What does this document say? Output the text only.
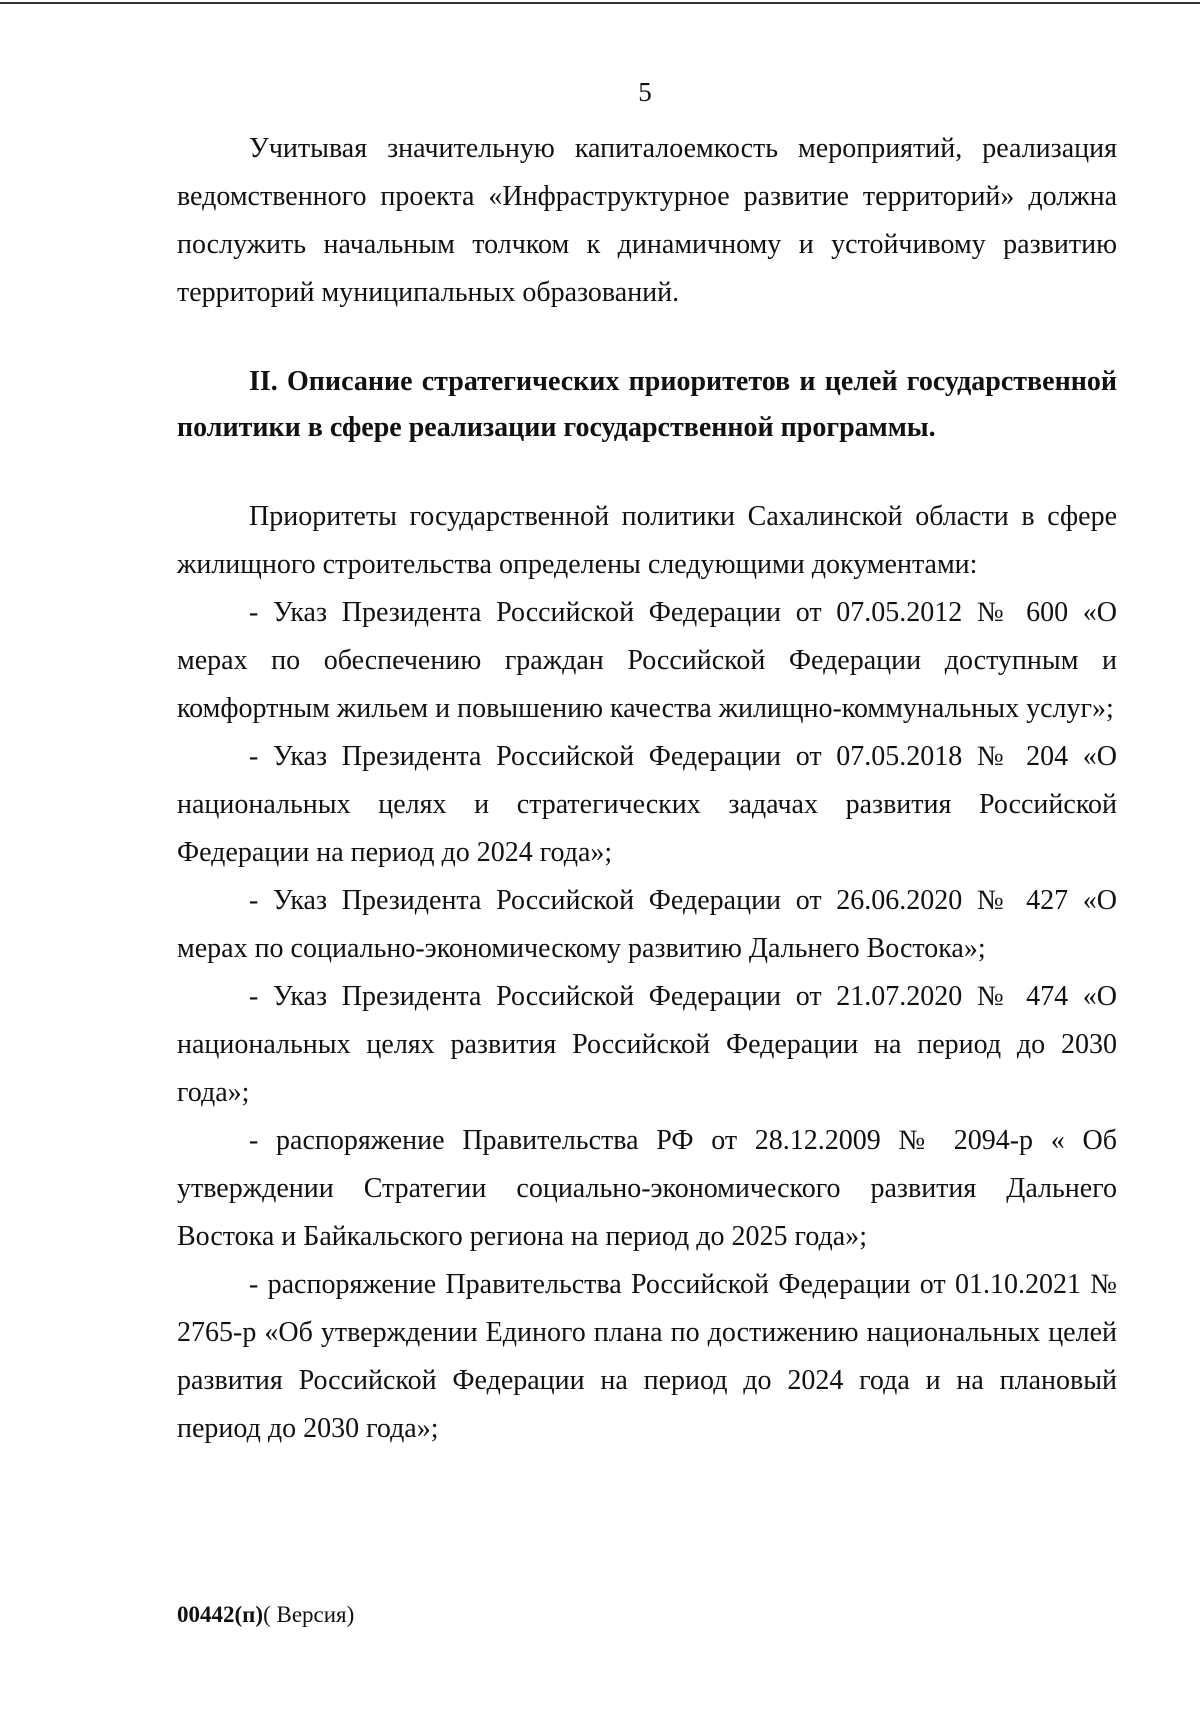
5

Учитывая значительную капиталоемкость мероприятий, реализация ведомственного проекта «Инфраструктурное развитие территорий» должна послужить начальным толчком к динамичному и устойчивому развитию территорий муниципальных образований.

II. Описание стратегических приоритетов и целей государственной политики в сфере реализации государственной программы.

Приоритеты государственной политики Сахалинской области в сфере жилищного строительства определены следующими документами:

- Указ Президента Российской Федерации от 07.05.2012 № 600 «О мерах по обеспечению граждан Российской Федерации доступным и комфортным жильем и повышению качества жилищно-коммунальных услуг»;

- Указ Президента Российской Федерации от 07.05.2018 № 204 «О национальных целях и стратегических задачах развития Российской Федерации на период до 2024 года»;

- Указ Президента Российской Федерации от 26.06.2020 № 427 «О мерах по социально-экономическому развитию Дальнего Востока»;

- Указ Президента Российской Федерации от 21.07.2020 № 474 «О национальных целях развития Российской Федерации на период до 2030 года»;

- распоряжение Правительства РФ от 28.12.2009 № 2094-р « Об утверждении Стратегии социально-экономического развития Дальнего Востока и Байкальского региона на период до 2025 года»;

- распоряжение Правительства Российской Федерации от 01.10.2021 № 2765-р «Об утверждении Единого плана по достижению национальных целей развития Российской Федерации на период до 2024 года и на плановый период до 2030 года»;

00442(п)( Версия)
